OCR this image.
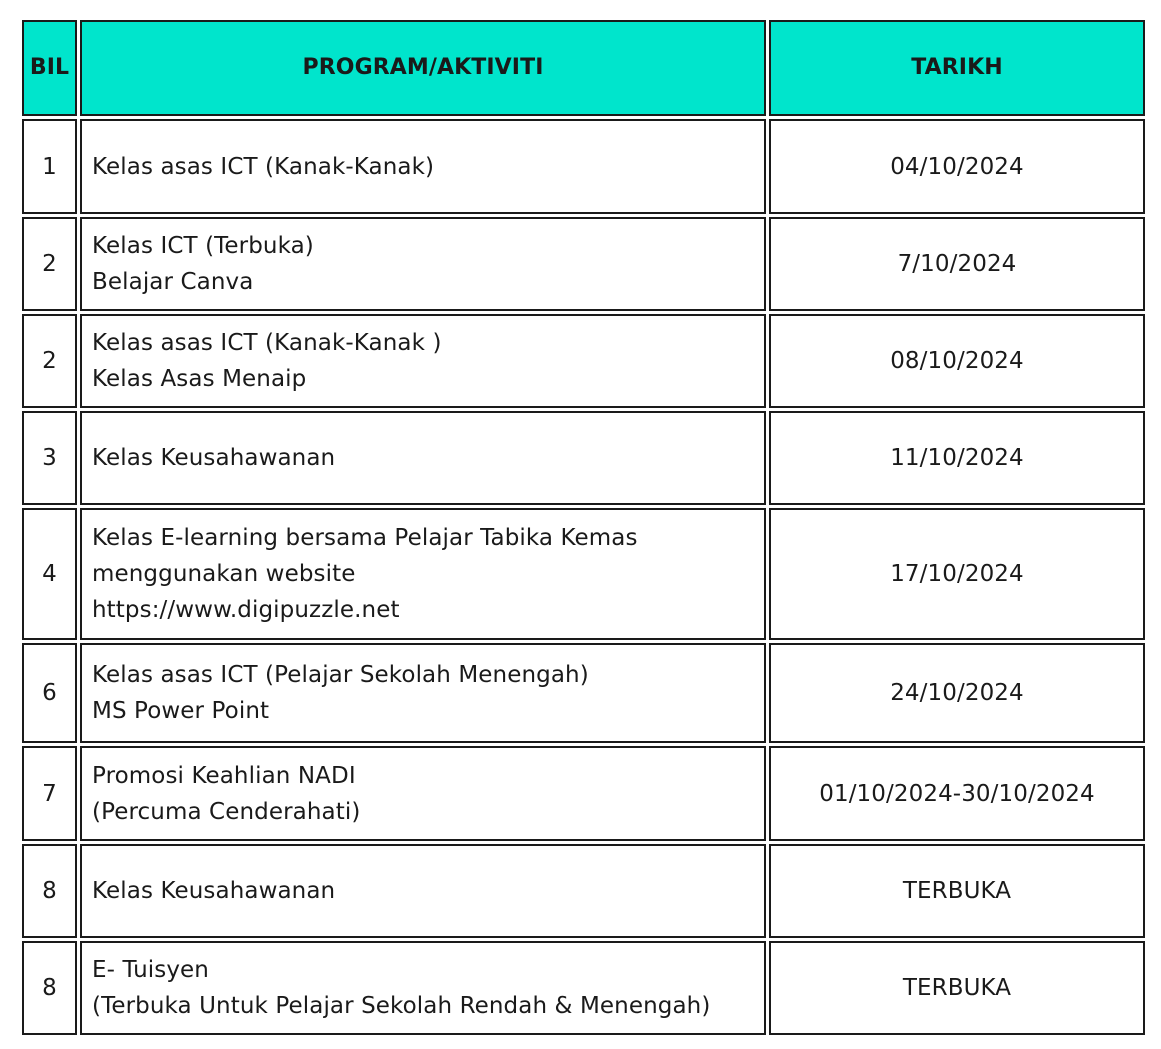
BIL	PROGRAM/AKTIVITI	TARIKH
1	Kelas asas ICT (Kanak-Kanak)	04/10/2024
2	Kelas ICT (Terbuka)
Belajar Canva	7/10/2024
2	Kelas asas ICT (Kanak-Kanak )
Kelas Asas Menaip	08/10/2024
3	Kelas Keusahawanan	11/10/2024
4	Kelas E-learning bersama Pelajar Tabika Kemas
menggunakan website
https://www.digipuzzle.net	17/10/2024
6	Kelas asas ICT (Pelajar Sekolah Menengah)
MS Power Point	24/10/2024
7	Promosi Keahlian NADI
(Percuma Cenderahati)	01/10/2024-30/10/2024
8	Kelas Keusahawanan	TERBUKA
8	E- Tuisyen
(Terbuka Untuk Pelajar Sekolah Rendah & Menengah)	TERBUKA
